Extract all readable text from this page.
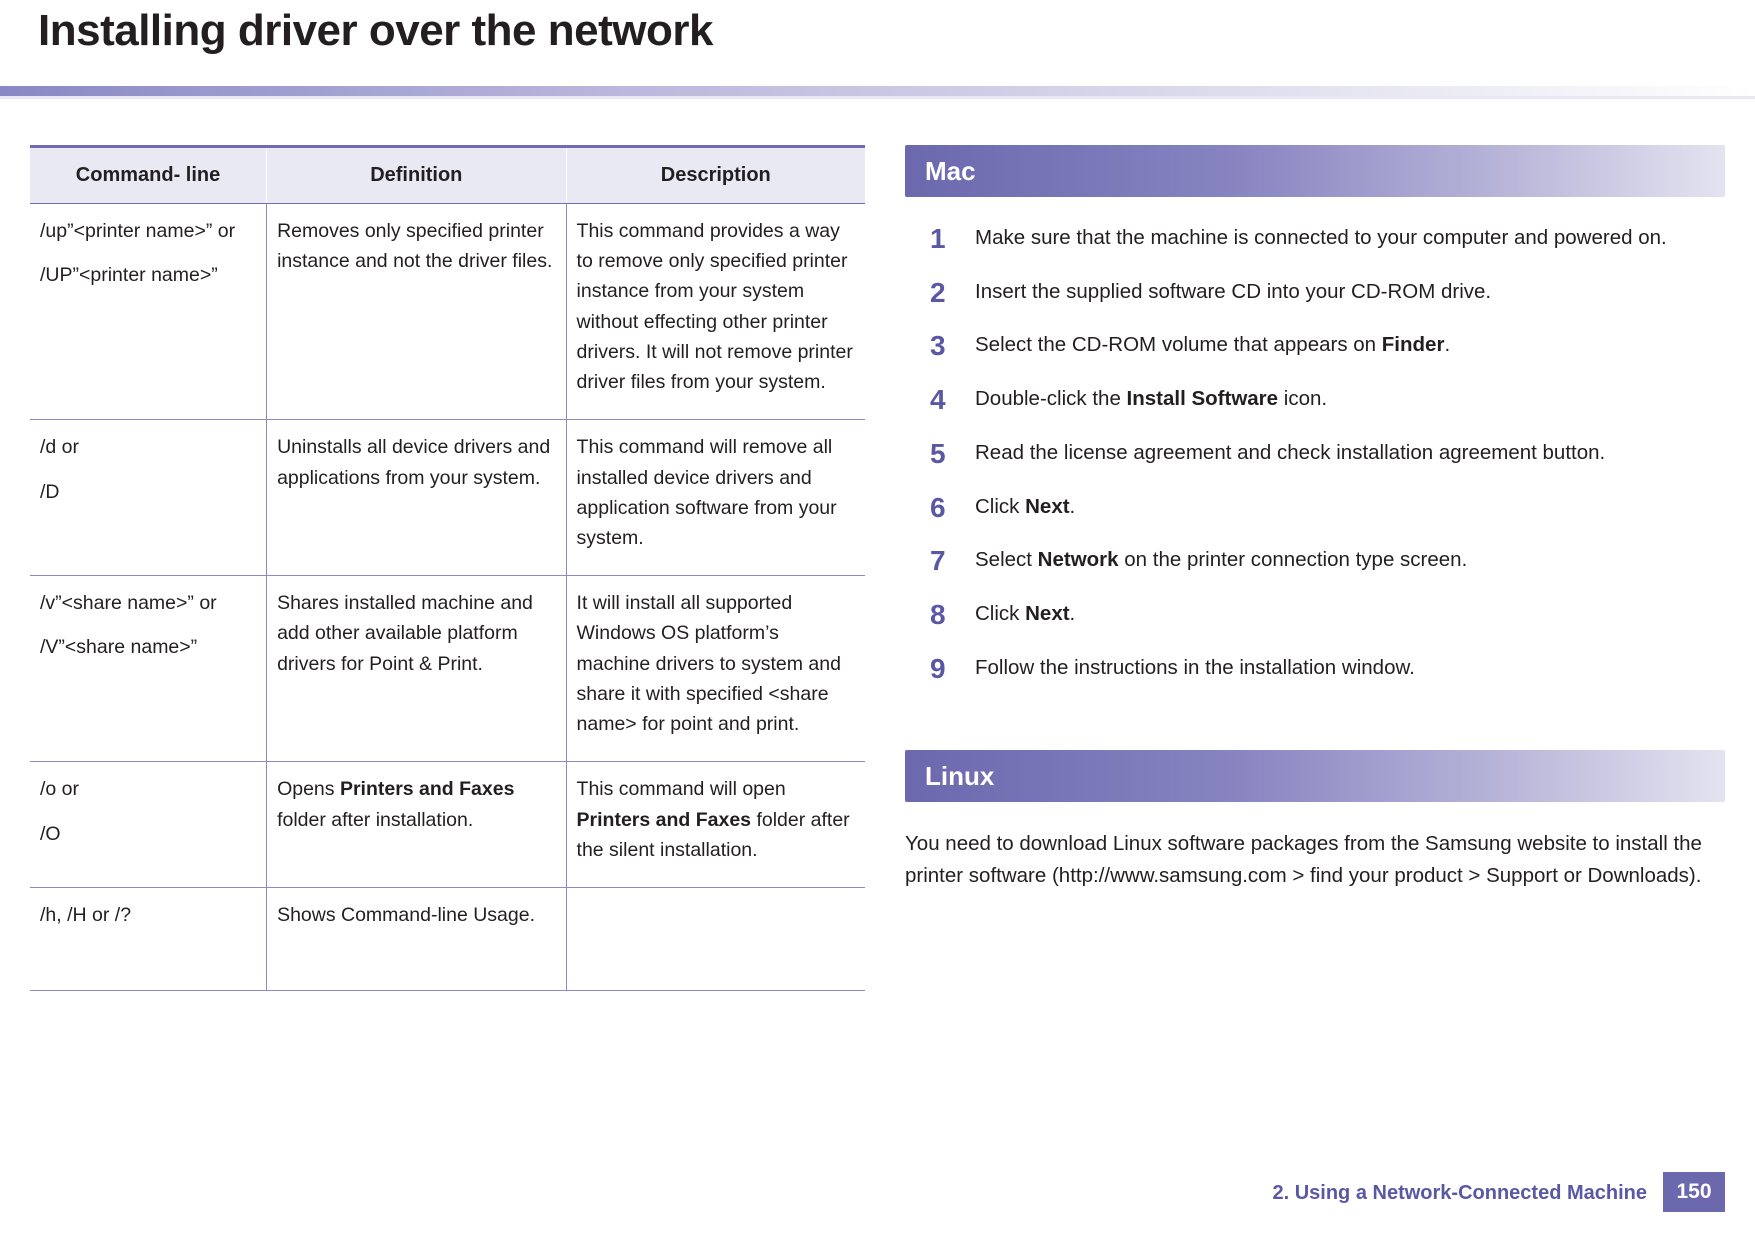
Installing driver over the network
Command- line	Definition	Description

/up”<printer name>” or

/UP”<printer name>”	Removes only specified printer instance and not the driver files.	This command provides a way to remove only specified printer instance from your system without effecting other printer drivers. It will not remove printer driver files from your system.

/d or

/D	Uninstalls all device drivers and applications from your system.	This command will remove all installed device drivers and application software from your system.

/v”<share name>” or

/V”<share name>”	Shares installed machine and add other available platform drivers for Point & Print.	It will install all supported Windows OS platform’s machine drivers to system and share it with specified <share name> for point and print.

/o or

/O	Opens Printers and Faxes folder after installation.	This command will open Printers and Faxes folder after the silent installation.

/h, /H or /?	Shows Command-line Usage.	
Mac
1 Make sure that the machine is connected to your computer and powered on.
2 Insert the supplied software CD into your CD-ROM drive.
3 Select the CD-ROM volume that appears on Finder.
4 Double-click the Install Software icon.
5 Read the license agreement and check installation agreement button.
6 Click Next.
7 Select Network on the printer connection type screen.
8 Click Next.
9 Follow the instructions in the installation window.
Linux

You need to download Linux software packages from the Samsung website to install the printer software (http://www.samsung.com > find your product > Support or Downloads).

2. Using a Network-Connected Machine	150
